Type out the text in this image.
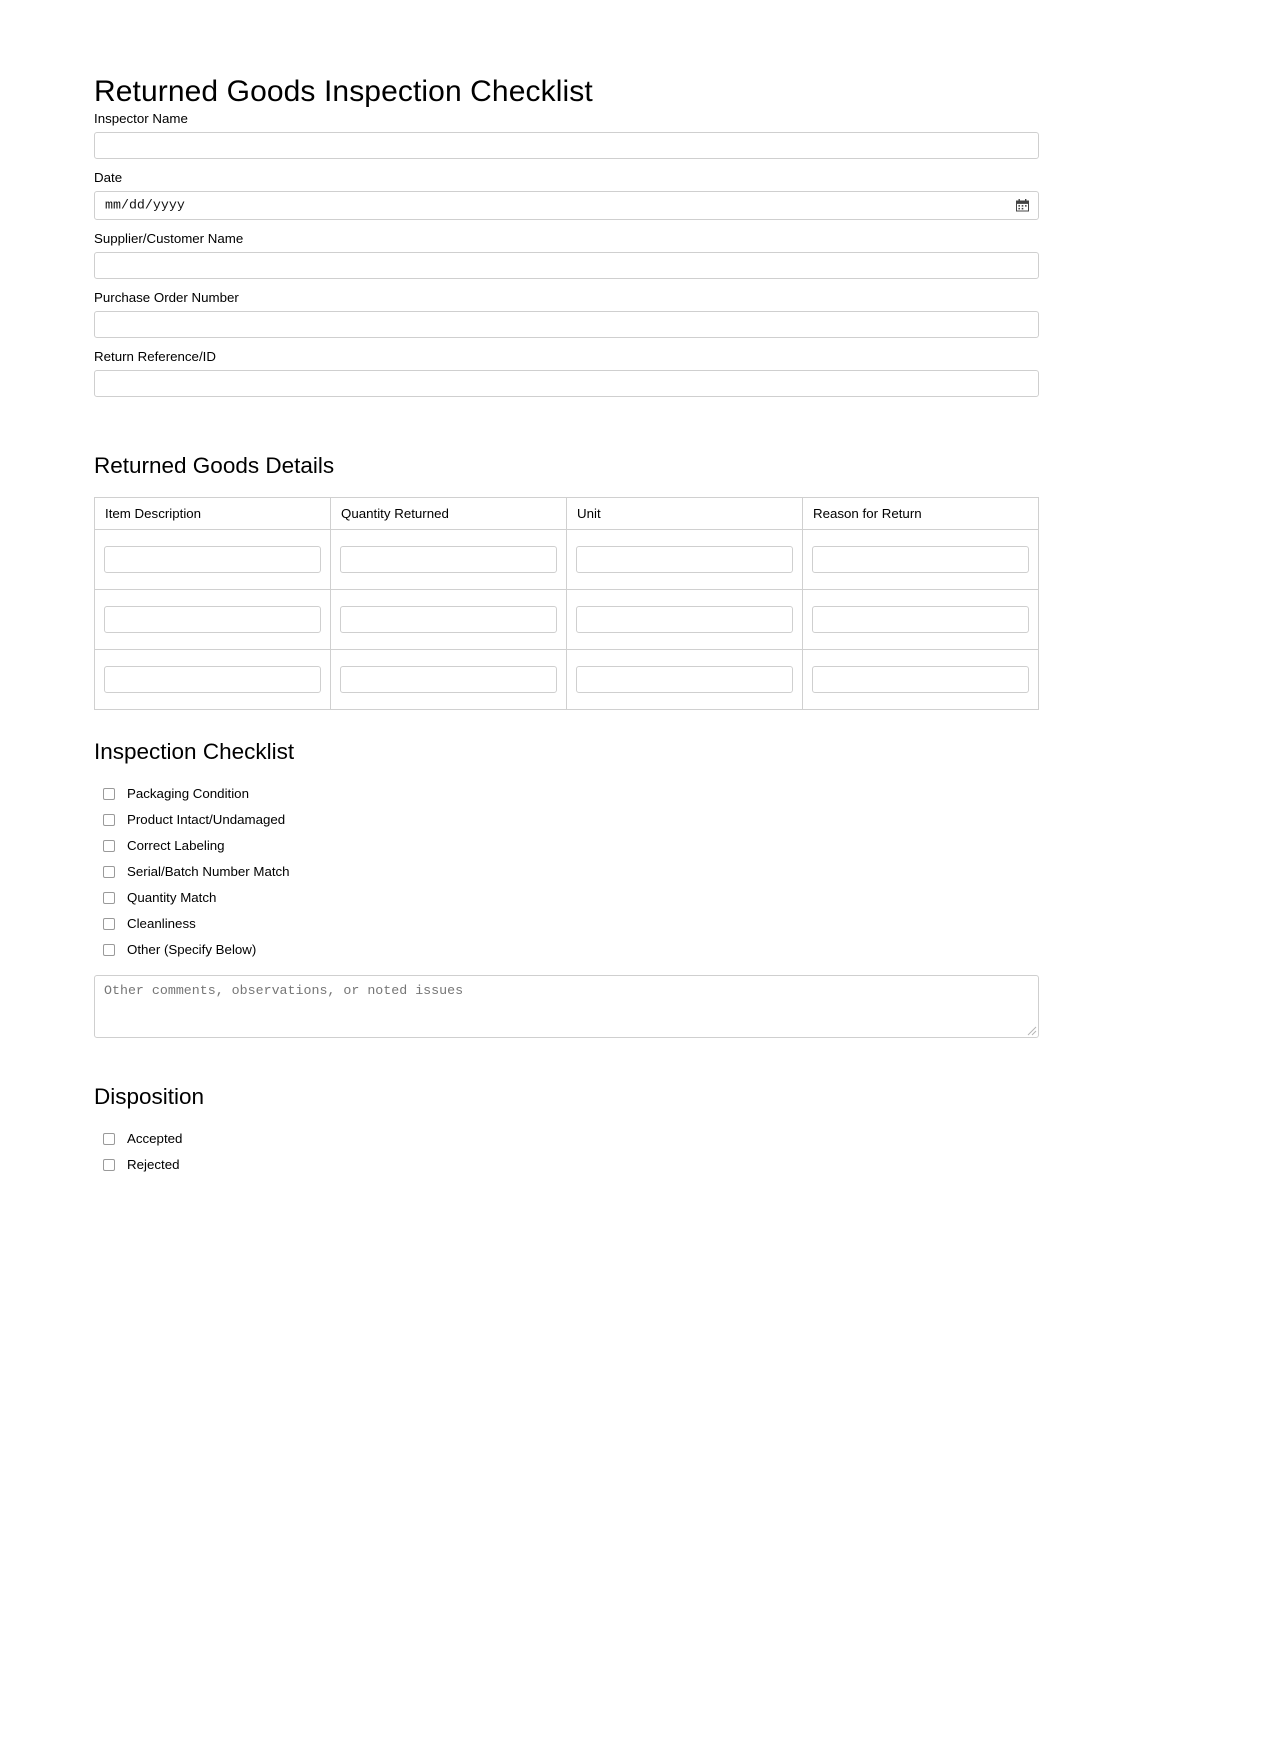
Returned Goods Inspection Checklist
Inspector Name
Date
mm/dd/yyyy
Supplier/Customer Name
Purchase Order Number
Return Reference/ID
Returned Goods Details
Item Description	Quantity Returned	Unit	Reason for Return

Inspection Checklist
Packaging Condition
Product Intact/Undamaged
Correct Labeling
Serial/Batch Number Match
Quantity Match
Cleanliness
Other (Specify Below)
Other comments, observations, or noted issues
Disposition
Accepted
Rejected
